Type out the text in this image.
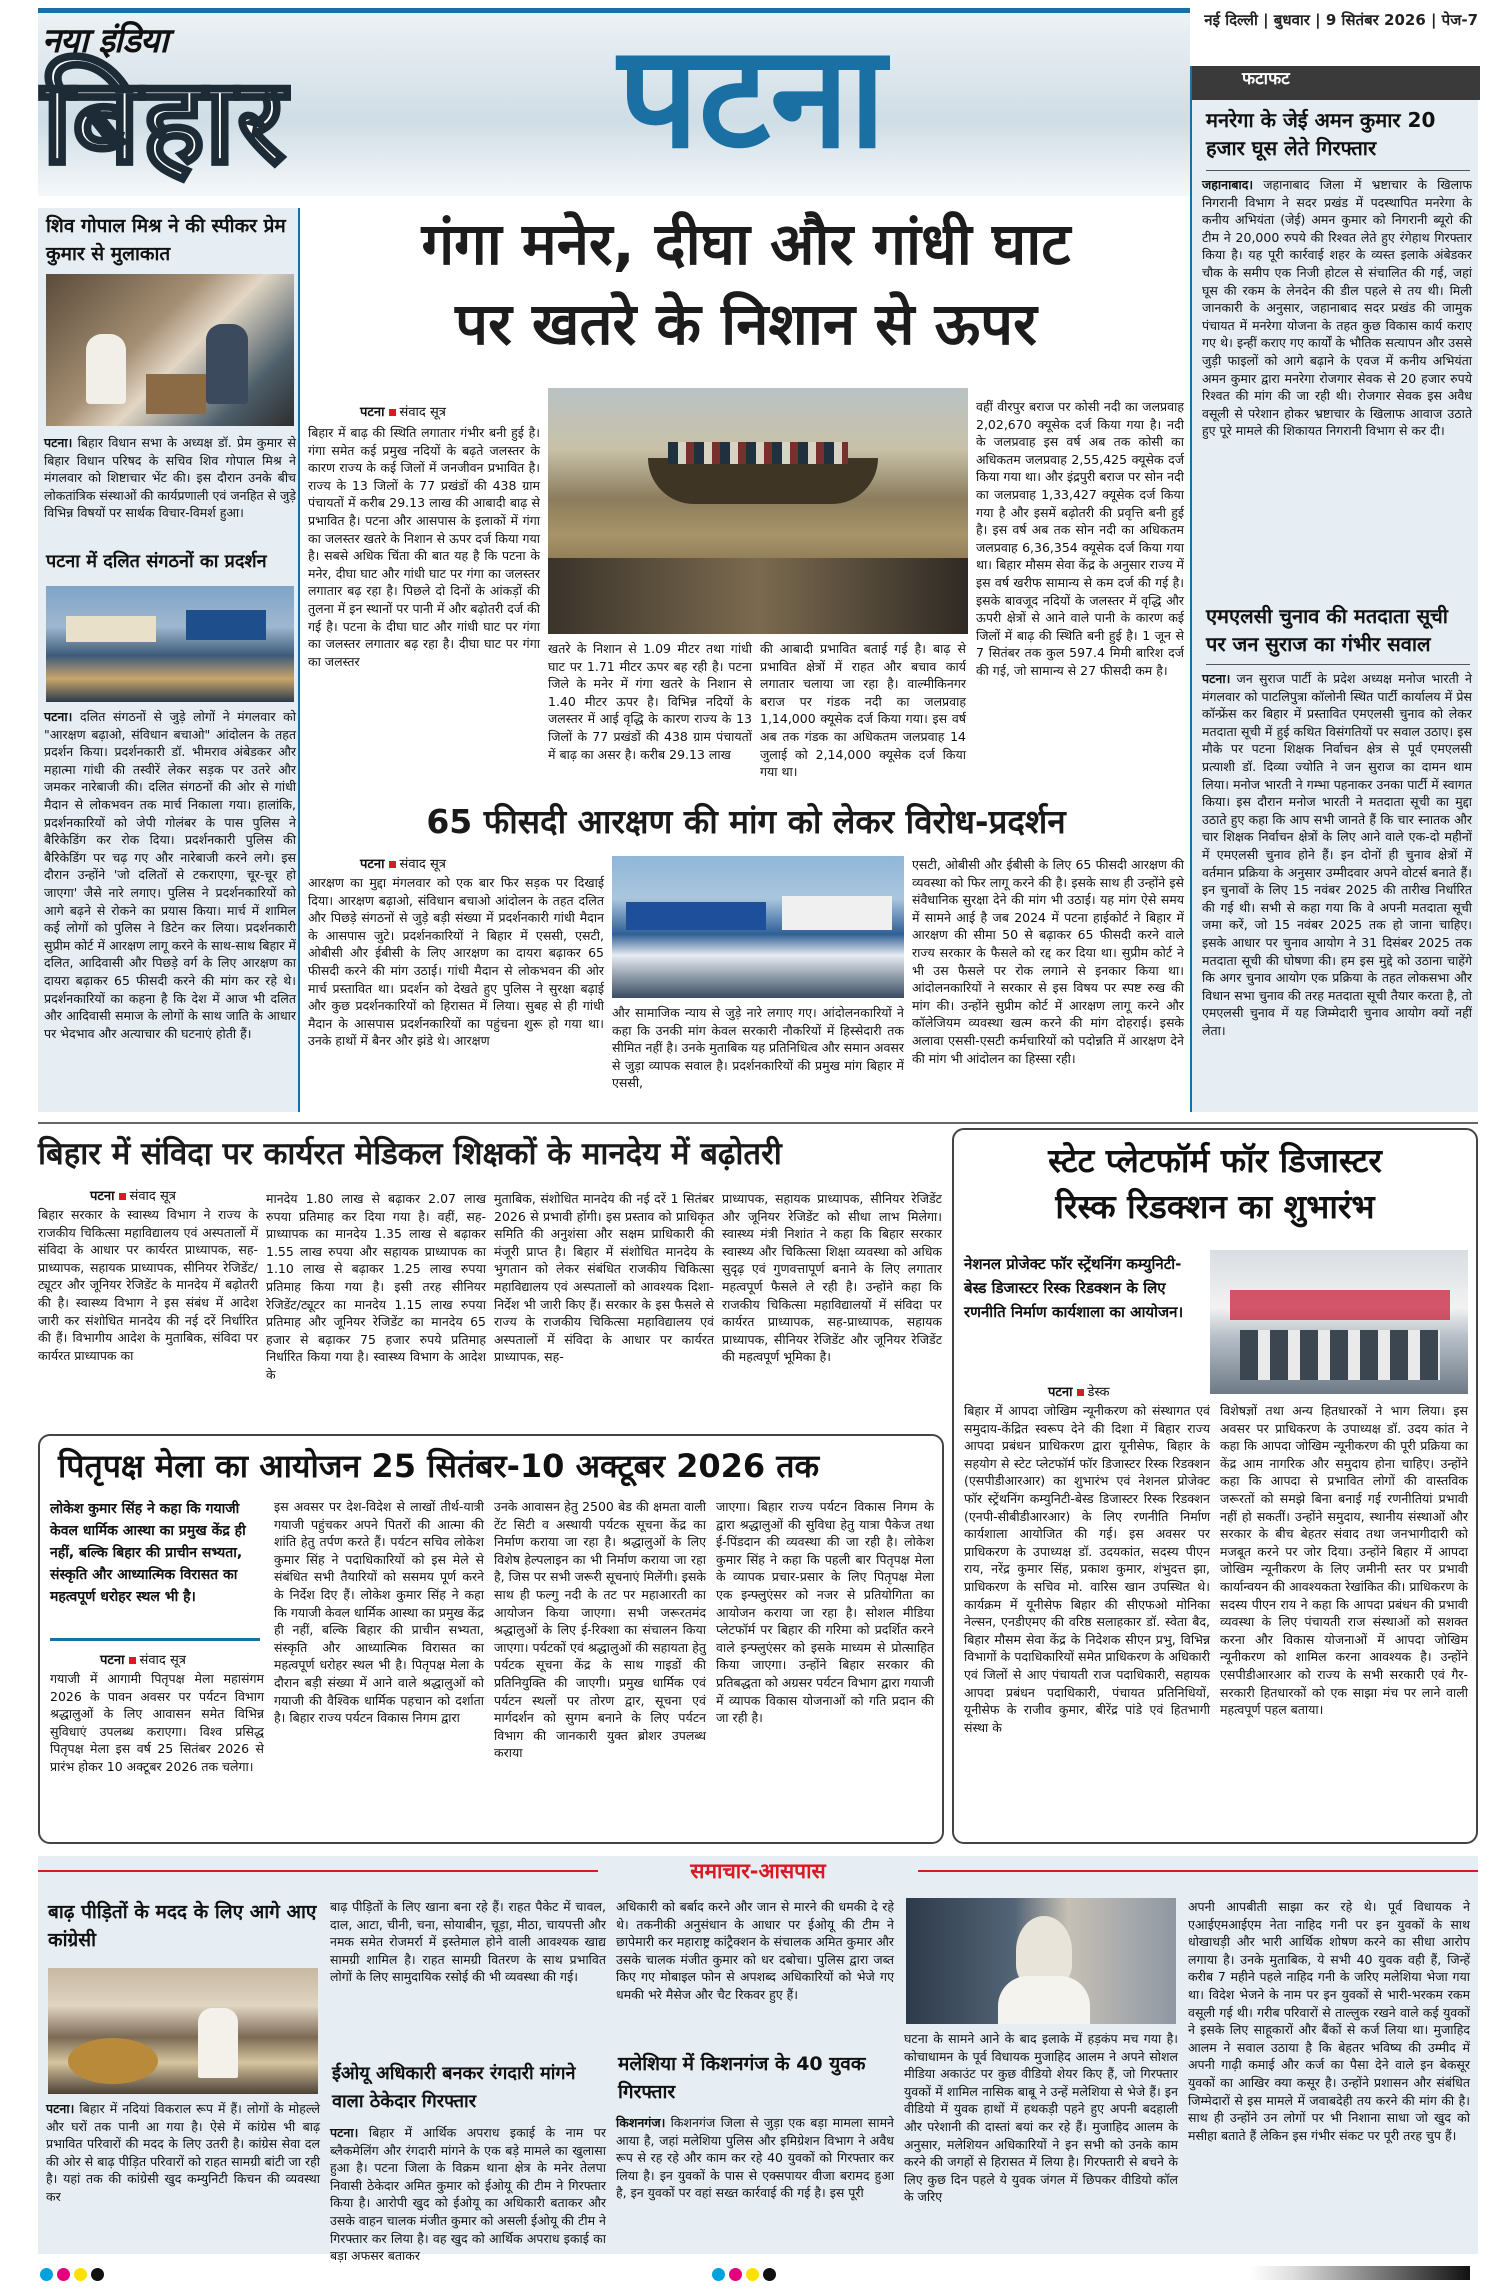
नया इंडिया
बिहार पटना	नई दिल्ली | बुधवार | 9 सितंबर 2026 | पेज-7
फटाफट
मनरेगा के जेई अमन कुमार 20 हजार घूस लेते गिरफ्तार
जहानाबाद। जहानाबाद जिला में भ्रष्टाचार के खिलाफ निगरानी विभाग ने सदर प्रखंड में पदस्थापित मनरेगा के कनीय अभियंता (जेई) अमन कुमार को निगरानी ब्यूरो की टीम ने 20,000 रुपये की रिश्वत लेते हुए रंगेहाथ गिरफ्तार किया है। यह पूरी कार्रवाई शहर के व्यस्त इलाके अंबेडकर चौक के समीप एक निजी होटल से संचालित की गई, जहां घूस की रकम के लेनदेन की डील पहले से तय थी। मिली जानकारी के अनुसार, जहानाबाद सदर प्रखंड की जामुक पंचायत में मनरेगा योजना के तहत कुछ विकास कार्य कराए गए थे। इन्हीं कराए गए कार्यों के भौतिक सत्यापन और उससे जुड़ी फाइलों को आगे बढ़ाने के एवज में कनीय अभियंता अमन कुमार द्वारा मनरेगा रोजगार सेवक से 20 हजार रुपये रिश्वत की मांग की जा रही थी। रोजगार सेवक इस अवैध वसूली से परेशान होकर भ्रष्टाचार के खिलाफ आवाज उठाते हुए पूरे मामले की शिकायत निगरानी विभाग से कर दी।
एमएलसी चुनाव की मतदाता सूची पर जन सुराज का गंभीर सवाल
पटना। जन सुराज पार्टी के प्रदेश अध्यक्ष मनोज भारती ने मंगलवार को पाटलिपुत्रा कॉलोनी स्थित पार्टी कार्यालय में प्रेस कॉन्फ्रेंस कर बिहार में प्रस्तावित एमएलसी चुनाव को लेकर मतदाता सूची में हुई कथित विसंगतियों पर सवाल उठाए। इस मौके पर पटना शिक्षक निर्वाचन क्षेत्र से पूर्व एमएलसी प्रत्याशी डॉ. दिव्या ज्योति ने जन सुराज का दामन थाम लिया। मनोज भारती ने गम्भा पहनाकर उनका पार्टी में स्वागत किया। इस दौरान मनोज भारती ने मतदाता सूची का मुद्दा उठाते हुए कहा कि आप सभी जानते हैं कि चार स्नातक और चार शिक्षक निर्वाचन क्षेत्रों के लिए आने वाले एक-दो महीनों में एमएलसी चुनाव होने हैं। इन दोनों ही चुनाव क्षेत्रों में वर्तमान प्रक्रिया के अनुसार उम्मीदवार अपने वोटर्स बनाते हैं। इन चुनावों के लिए 15 नवंबर 2025 की तारीख निर्धारित की गई थी। सभी से कहा गया कि वे अपनी मतदाता सूची जमा करें, जो 15 नवंबर 2025 तक हो जाना चाहिए। इसके आधार पर चुनाव आयोग ने 31 दिसंबर 2025 तक मतदाता सूची की घोषणा की। हम इस मुद्दे को उठाना चाहेंगे कि अगर चुनाव आयोग एक प्रक्रिया के तहत लोकसभा और विधान सभा चुनाव की तरह मतदाता सूची तैयार करता है, तो एमएलसी चुनाव में यह जिम्मेदारी चुनाव आयोग क्यों नहीं लेता।
शिव गोपाल मिश्र ने की स्पीकर प्रेम कुमार से मुलाकात
पटना। बिहार विधान सभा के अध्यक्ष डॉ. प्रेम कुमार से बिहार विधान परिषद के सचिव शिव गोपाल मिश्र ने मंगलवार को शिष्टाचार भेंट की। इस दौरान उनके बीच लोकतांत्रिक संस्थाओं की कार्यप्रणाली एवं जनहित से जुड़े विभिन्न विषयों पर सार्थक विचार-विमर्श हुआ।
पटना में दलित संगठनों का प्रदर्शन
पटना। दलित संगठनों से जुड़े लोगों ने मंगलवार को "आरक्षण बढ़ाओ, संविधान बचाओ" आंदोलन के तहत प्रदर्शन किया। प्रदर्शनकारी डॉ. भीमराव अंबेडकर और महात्मा गांधी की तस्वीरें लेकर सड़क पर उतरे और जमकर नारेबाजी की। दलित संगठनों की ओर से गांधी मैदान से लोकभवन तक मार्च निकाला गया। हालांकि, प्रदर्शनकारियों को जेपी गोलंबर के पास पुलिस ने बैरिकेडिंग कर रोक दिया। प्रदर्शनकारी पुलिस की बैरिकेडिंग पर चढ़ गए और नारेबाजी करने लगे। इस दौरान उन्होंने 'जो दलितों से टकराएगा, चूर-चूर हो जाएगा' जैसे नारे लगाए। पुलिस ने प्रदर्शनकारियों को आगे बढ़ने से रोकने का प्रयास किया। मार्च में शामिल कई लोगों को पुलिस ने डिटेन कर लिया। प्रदर्शनकारी सुप्रीम कोर्ट में आरक्षण लागू करने के साथ-साथ बिहार में दलित, आदिवासी और पिछड़े वर्ग के लिए आरक्षण का दायरा बढ़ाकर 65 फीसदी करने की मांग कर रहे थे। प्रदर्शनकारियों का कहना है कि देश में आज भी दलित और आदिवासी समाज के लोगों के साथ जाति के आधार पर भेदभाव और अत्याचार की घटनाएं होती हैं।
गंगा मनेर, दीघा और गांधी घाट
पर खतरे के निशान से ऊपर
पटना संवाद सूत्र
बिहार में बाढ़ की स्थिति लगातार गंभीर बनी हुई है। गंगा समेत कई प्रमुख नदियों के बढ़ते जलस्तर के कारण राज्य के कई जिलों में जनजीवन प्रभावित है। राज्य के 13 जिलों के 77 प्रखंडों की 438 ग्राम पंचायतों में करीब 29.13 लाख की आबादी बाढ़ से प्रभावित है। पटना और आसपास के इलाकों में गंगा का जलस्तर खतरे के निशान से ऊपर दर्ज किया गया है। सबसे अधिक चिंता की बात यह है कि पटना के मनेर, दीघा घाट और गांधी घाट पर गंगा का जलस्तर लगातार बढ़ रहा है। पिछले दो दिनों के आंकड़ों की तुलना में इन स्थानों पर पानी में और बढ़ोतरी दर्ज की गई है। पटना के दीघा घाट और गांधी घाट पर गंगा का जलस्तर लगातार बढ़ रहा है। दीघा घाट पर गंगा का जलस्तर
खतरे के निशान से 1.09 मीटर तथा गांधी घाट पर 1.71 मीटर ऊपर बह रही है। पटना जिले के मनेर में गंगा खतरे के निशान से 1.40 मीटर ऊपर है। विभिन्न नदियों के जलस्तर में आई वृद्धि के कारण राज्य के 13 जिलों के 77 प्रखंडों की 438 ग्राम पंचायतों में बाढ़ का असर है। करीब 29.13 लाख
की आबादी प्रभावित बताई गई है। बाढ़ से प्रभावित क्षेत्रों में राहत और बचाव कार्य लगातार चलाया जा रहा है। वाल्मीकिनगर बराज पर गंडक नदी का जलप्रवाह 1,14,000 क्यूसेक दर्ज किया गया। इस वर्ष अब तक गंडक का अधिकतम जलप्रवाह 14 जुलाई को 2,14,000 क्यूसेक दर्ज किया गया था।
वहीं वीरपुर बराज पर कोसी नदी का जलप्रवाह 2,02,670 क्यूसेक दर्ज किया गया है। नदी के जलप्रवाह इस वर्ष अब तक कोसी का अधिकतम जलप्रवाह 2,55,425 क्यूसेक दर्ज किया गया था। और इंद्रपुरी बराज पर सोन नदी का जलप्रवाह 1,33,427 क्यूसेक दर्ज किया गया है और इसमें बढ़ोतरी की प्रवृत्ति बनी हुई है। इस वर्ष अब तक सोन नदी का अधिकतम जलप्रवाह 6,36,354 क्यूसेक दर्ज किया गया था। बिहार मौसम सेवा केंद्र के अनुसार राज्य में इस वर्ष खरीफ सामान्य से कम दर्ज की गई है। इसके बावजूद नदियों के जलस्तर में वृद्धि और ऊपरी क्षेत्रों से आने वाले पानी के कारण कई जिलों में बाढ़ की स्थिति बनी हुई है। 1 जून से 7 सितंबर तक कुल 597.4 मिमी बारिश दर्ज की गई, जो सामान्य से 27 फीसदी कम है।
65 फीसदी आरक्षण की मांग को लेकर विरोध-प्रदर्शन
पटना संवाद सूत्र
आरक्षण का मुद्दा मंगलवार को एक बार फिर सड़क पर दिखाई दिया। आरक्षण बढ़ाओ, संविधान बचाओ आंदोलन के तहत दलित और पिछड़े संगठनों से जुड़े बड़ी संख्या में प्रदर्शनकारी गांधी मैदान के आसपास जुटे। प्रदर्शनकारियों ने बिहार में एससी, एसटी, ओबीसी और ईबीसी के लिए आरक्षण का दायरा बढ़ाकर 65 फीसदी करने की मांग उठाई। गांधी मैदान से लोकभवन की ओर मार्च प्रस्तावित था। प्रदर्शन को देखते हुए पुलिस ने सुरक्षा बढ़ाई और कुछ प्रदर्शनकारियों को हिरासत में लिया। सुबह से ही गांधी मैदान के आसपास प्रदर्शनकारियों का पहुंचना शुरू हो गया था। उनके हाथों में बैनर और झंडे थे। आरक्षण
और सामाजिक न्याय से जुड़े नारे लगाए गए। आंदोलनकारियों ने कहा कि उनकी मांग केवल सरकारी नौकरियों में हिस्सेदारी तक सीमित नहीं है। उनके मुताबिक यह प्रतिनिधित्व और समान अवसर से जुड़ा व्यापक सवाल है। प्रदर्शनकारियों की प्रमुख मांग बिहार में एससी,
एसटी, ओबीसी और ईबीसी के लिए 65 फीसदी आरक्षण की व्यवस्था को फिर लागू करने की है। इसके साथ ही उन्होंने इसे संवैधानिक सुरक्षा देने की मांग भी उठाई। यह मांग ऐसे समय में सामने आई है जब 2024 में पटना हाईकोर्ट ने बिहार में आरक्षण की सीमा 50 से बढ़ाकर 65 फीसदी करने वाले राज्य सरकार के फैसले को रद्द कर दिया था। सुप्रीम कोर्ट ने भी उस फैसले पर रोक लगाने से इनकार किया था। आंदोलनकारियों ने सरकार से इस विषय पर स्पष्ट रुख की मांग की। उन्होंने सुप्रीम कोर्ट में आरक्षण लागू करने और कॉलेजियम व्यवस्था खत्म करने की मांग दोहराई। इसके अलावा एससी-एसटी कर्मचारियों को पदोन्नति में आरक्षण देने की मांग भी आंदोलन का हिस्सा रही।
बिहार में संविदा पर कार्यरत मेडिकल शिक्षकों के मानदेय में बढ़ोतरी
पटना संवाद सूत्र
बिहार सरकार के स्वास्थ्य विभाग ने राज्य के राजकीय चिकित्सा महाविद्यालय एवं अस्पतालों में संविदा के आधार पर कार्यरत प्राध्यापक, सह-प्राध्यापक, सहायक प्राध्यापक, सीनियर रेजिडेंट/ट्यूटर और जूनियर रेजिडेंट के मानदेय में बढ़ोतरी की है। स्वास्थ्य विभाग ने इस संबंध में आदेश जारी कर संशोधित मानदेय की नई दरें निर्धारित की हैं। विभागीय आदेश के मुताबिक, संविदा पर कार्यरत प्राध्यापक का
मानदेय 1.80 लाख से बढ़ाकर 2.07 लाख रुपया प्रतिमाह कर दिया गया है। वहीं, सह-प्राध्यापक का मानदेय 1.35 लाख से बढ़ाकर 1.55 लाख रुपया और सहायक प्राध्यापक का 1.10 लाख से बढ़ाकर 1.25 लाख रुपया प्रतिमाह किया गया है। इसी तरह सीनियर रेजिडेंट/ट्यूटर का मानदेय 1.15 लाख रुपया प्रतिमाह और जूनियर रेजिडेंट का मानदेय 65 हजार से बढ़ाकर 75 हजार रुपये प्रतिमाह निर्धारित किया गया है। स्वास्थ्य विभाग के आदेश के
मुताबिक, संशोधित मानदेय की नई दरें 1 सितंबर 2026 से प्रभावी होंगी। इस प्रस्ताव को प्राधिकृत समिति की अनुशंसा और सक्षम प्राधिकारी की मंजूरी प्राप्त है। बिहार में संशोधित मानदेय के भुगतान को लेकर संबंधित राजकीय चिकित्सा महाविद्यालय एवं अस्पतालों को आवश्यक दिशा-निर्देश भी जारी किए हैं। सरकार के इस फैसले से राज्य के राजकीय चिकित्सा महाविद्यालय एवं अस्पतालों में संविदा के आधार पर कार्यरत प्राध्यापक, सह-
प्राध्यापक, सहायक प्राध्यापक, सीनियर रेजिडेंट और जूनियर रेजिडेंट को सीधा लाभ मिलेगा। स्वास्थ्य मंत्री निशांत ने कहा कि बिहार सरकार स्वास्थ्य और चिकित्सा शिक्षा व्यवस्था को अधिक सुदृढ़ एवं गुणवत्तापूर्ण बनाने के लिए लगातार महत्वपूर्ण फैसले ले रही है। उन्होंने कहा कि राजकीय चिकित्सा महाविद्यालयों में संविदा पर कार्यरत प्राध्यापक, सह-प्राध्यापक, सहायक प्राध्यापक, सीनियर रेजिडेंट और जूनियर रेजिडेंट की महत्वपूर्ण भूमिका है।
स्टेट प्लेटफॉर्म फॉर डिजास्टर
रिस्क रिडक्शन का शुभारंभ
नेशनल प्रोजेक्ट फॉर स्ट्रेंथनिंग कम्युनिटी-बेस्ड डिजास्टर रिस्क रिडक्शन के लिए रणनीति निर्माण कार्यशाला का आयोजन।
पटना डेस्क
बिहार में आपदा जोखिम न्यूनीकरण को संस्थागत एवं समुदाय-केंद्रित स्वरूप देने की दिशा में बिहार राज्य आपदा प्रबंधन प्राधिकरण द्वारा यूनीसेफ, बिहार के सहयोग से स्टेट प्लेटफॉर्म फॉर डिजास्टर रिस्क रिडक्शन (एसपीडीआरआर) का शुभारंभ एवं नेशनल प्रोजेक्ट फॉर स्ट्रेंथनिंग कम्युनिटी-बेस्ड डिजास्टर रिस्क रिडक्शन (एनपी-सीबीडीआरआर) के लिए रणनीति निर्माण कार्यशाला आयोजित की गई। इस अवसर पर प्राधिकरण के उपाध्यक्ष डॉ. उदयकांत, सदस्य पीएन राय, नरेंद्र कुमार सिंह, प्रकाश कुमार, शंभुदत्त झा, प्राधिकरण के सचिव मो. वारिस खान उपस्थित थे। कार्यक्रम में यूनीसेफ बिहार की सीएफओ मोनिका नेल्सन, एनडीएमए की वरिष्ठ सलाहकार डॉ. स्वेता बैद, बिहार मौसम सेवा केंद्र के निदेशक सीएन प्रभु, विभिन्न विभागों के पदाधिकारियों समेत प्राधिकरण के अधिकारी एवं जिलों से आए पंचायती राज पदाधिकारी, सहायक आपदा प्रबंधन पदाधिकारी, पंचायत प्रतिनिधियों, यूनीसेफ के राजीव कुमार, बीरेंद्र पांडे एवं हितभागी संस्था के
विशेषज्ञों तथा अन्य हितधारकों ने भाग लिया। इस अवसर पर प्राधिकरण के उपाध्यक्ष डॉ. उदय कांत ने कहा कि आपदा जोखिम न्यूनीकरण की पूरी प्रक्रिया का केंद्र आम नागरिक और समुदाय होना चाहिए। उन्होंने कहा कि आपदा से प्रभावित लोगों की वास्तविक जरूरतों को समझे बिना बनाई गई रणनीतियां प्रभावी नहीं हो सकतीं। उन्होंने समुदाय, स्थानीय संस्थाओं और सरकार के बीच बेहतर संवाद तथा जनभागीदारी को मजबूत करने पर जोर दिया। उन्होंने बिहार में आपदा जोखिम न्यूनीकरण के लिए जमीनी स्तर पर प्रभावी कार्यान्वयन की आवश्यकता रेखांकित की। प्राधिकरण के सदस्य पीएन राय ने कहा कि आपदा प्रबंधन की प्रभावी व्यवस्था के लिए पंचायती राज संस्थाओं को सशक्त करना और विकास योजनाओं में आपदा जोखिम न्यूनीकरण को शामिल करना आवश्यक है। उन्होंने एसपीडीआरआर को राज्य के सभी सरकारी एवं गैर-सरकारी हितधारकों को एक साझा मंच पर लाने वाली महत्वपूर्ण पहल बताया।
पितृपक्ष मेला का आयोजन 25 सितंबर-10 अक्टूबर 2026 तक
लोकेश कुमार सिंह ने कहा कि गयाजी केवल धार्मिक आस्था का प्रमुख केंद्र ही नहीं, बल्कि बिहार की प्राचीन सभ्यता, संस्कृति और आध्यात्मिक विरासत का महत्वपूर्ण धरोहर स्थल भी है।
पटना संवाद सूत्र
गयाजी में आगामी पितृपक्ष मेला महासंगम 2026 के पावन अवसर पर पर्यटन विभाग श्रद्धालुओं के लिए आवासन समेत विभिन्न सुविधाएं उपलब्ध कराएगा। विश्व प्रसिद्ध पितृपक्ष मेला इस वर्ष 25 सितंबर 2026 से प्रारंभ होकर 10 अक्टूबर 2026 तक चलेगा।
इस अवसर पर देश-विदेश से लाखों तीर्थ-यात्री गयाजी पहुंचकर अपने पितरों की आत्मा की शांति हेतु तर्पण करते हैं। पर्यटन सचिव लोकेश कुमार सिंह ने पदाधिकारियों को इस मेले से संबंधित सभी तैयारियों को ससमय पूर्ण करने के निर्देश दिए हैं। लोकेश कुमार सिंह ने कहा कि गयाजी केवल धार्मिक आस्था का प्रमुख केंद्र ही नहीं, बल्कि बिहार की प्राचीन सभ्यता, संस्कृति और आध्यात्मिक विरासत का महत्वपूर्ण धरोहर स्थल भी है। पितृपक्ष मेला के दौरान बड़ी संख्या में आने वाले श्रद्धालुओं को गयाजी की वैश्विक धार्मिक पहचान को दर्शाता है। बिहार राज्य पर्यटन विकास निगम द्वारा
उनके आवासन हेतु 2500 बेड की क्षमता वाली टेंट सिटी व अस्थायी पर्यटक सूचना केंद्र का निर्माण कराया जा रहा है। श्रद्धालुओं के लिए विशेष हेल्पलाइन का भी निर्माण कराया जा रहा है, जिस पर सभी जरूरी सूचनाएं मिलेंगी। इसके साथ ही फल्गु नदी के तट पर महाआरती का आयोजन किया जाएगा। सभी जरूरतमंद श्रद्धालुओं के लिए ई-रिक्शा का संचालन किया जाएगा। पर्यटकों एवं श्रद्धालुओं की सहायता हेतु पर्यटक सूचना केंद्र के साथ गाइडों की प्रतिनियुक्ति की जाएगी। प्रमुख धार्मिक एवं पर्यटन स्थलों पर तोरण द्वार, सूचना एवं मार्गदर्शन को सुगम बनाने के लिए पर्यटन विभाग की जानकारी युक्त ब्रोशर उपलब्ध कराया
जाएगा। बिहार राज्य पर्यटन विकास निगम के द्वारा श्रद्धालुओं की सुविधा हेतु यात्रा पैकेज तथा ई-पिंडदान की व्यवस्था की जा रही है। लोकेश कुमार सिंह ने कहा कि पहली बार पितृपक्ष मेला के व्यापक प्रचार-प्रसार के लिए पितृपक्ष मेला एक इन्फ्लुएंसर को नजर से प्रतियोगिता का आयोजन कराया जा रहा है। सोशल मीडिया प्लेटफॉर्म पर बिहार की गरिमा को प्रदर्शित करने वाले इन्फ्लुएंसर को इसके माध्यम से प्रोत्साहित किया जाएगा। उन्होंने बिहार सरकार की प्रतिबद्धता को अग्रसर पर्यटन विभाग द्वारा गयाजी में व्यापक विकास योजनाओं को गति प्रदान की जा रही है।
समाचार-आसपास
बाढ़ पीड़ितों के मदद के लिए आगे आए कांग्रेसी
पटना। बिहार में नदियां विकराल रूप में हैं। लोगों के मोहल्ले और घरों तक पानी आ गया है। ऐसे में कांग्रेस भी बाढ़ प्रभावित परिवारों की मदद के लिए उतरी है। कांग्रेस सेवा दल की ओर से बाढ़ पीड़ित परिवारों को राहत सामग्री बांटी जा रही है। यहां तक की कांग्रेसी खुद कम्युनिटी किचन की व्यवस्था कर
बाढ़ पीड़ितों के लिए खाना बना रहे हैं। राहत पैकेट में चावल, दाल, आटा, चीनी, चना, सोयाबीन, चूड़ा, मीठा, चायपत्ती और नमक समेत रोजमर्रा में इस्तेमाल होने वाली आवश्यक खाद्य सामग्री शामिल है। राहत सामग्री वितरण के साथ प्रभावित लोगों के लिए सामुदायिक रसोई की भी व्यवस्था की गई।
ईओयू अधिकारी बनकर रंगदारी मांगने वाला ठेकेदार गिरफ्तार
पटना। बिहार में आर्थिक अपराध इकाई के नाम पर ब्लैकमेलिंग और रंगदारी मांगने के एक बड़े मामले का खुलासा हुआ है। पटना जिला के विक्रम थाना क्षेत्र के मनेर तेलपा निवासी ठेकेदार अमित कुमार को ईओयू की टीम ने गिरफ्तार किया है। आरोपी खुद को ईओयू का अधिकारी बताकर और उसके वाहन चालक मंजीत कुमार को असली ईओयू की टीम ने गिरफ्तार कर लिया है। वह खुद को आर्थिक अपराध इकाई का बड़ा अफसर बताकर
अधिकारी को बर्बाद करने और जान से मारने की धमकी दे रहे थे। तकनीकी अनुसंधान के आधार पर ईओयू की टीम ने छापेमारी कर महाराष्ट्र कांट्रैक्शन के संचालक अमित कुमार और उसके चालक मंजीत कुमार को धर दबोचा। पुलिस द्वारा जब्त किए गए मोबाइल फोन से अपशब्द अधिकारियों को भेजे गए धमकी भरे मैसेज और चैट रिकवर हुए हैं।
मलेशिया में किशनगंज के 40 युवक गिरफ्तार
किशनगंज। किशनगंज जिला से जुड़ा एक बड़ा मामला सामने आया है, जहां मलेशिया पुलिस और इमिग्रेशन विभाग ने अवैध रूप से रह रहे और काम कर रहे 40 युवकों को गिरफ्तार कर लिया है। इन युवकों के पास से एक्सपायर वीजा बरामद हुआ है, इन युवकों पर वहां सख्त कार्रवाई की गई है। इस पूरी
घटना के सामने आने के बाद इलाके में हड़कंप मच गया है। कोचाधामन के पूर्व विधायक मुजाहिद आलम ने अपने सोशल मीडिया अकाउंट पर कुछ वीडियो शेयर किए हैं, जो गिरफ्तार युवकों में शामिल नासिक बाबू ने उन्हें मलेशिया से भेजे हैं। इन वीडियो में युवक हाथों में हथकड़ी पहने हुए अपनी बदहाली और परेशानी की दास्तां बयां कर रहे हैं। मुजाहिद आलम के अनुसार, मलेशियन अधिकारियों ने इन सभी को उनके काम करने की जगहों से हिरासत में लिया है। गिरफ्तारी से बचने के लिए कुछ दिन पहले ये युवक जंगल में छिपकर वीडियो कॉल के जरिए
अपनी आपबीती साझा कर रहे थे। पूर्व विधायक ने एआईएमआईएम नेता नाहिद गनी पर इन युवकों के साथ धोखाधड़ी और भारी आर्थिक शोषण करने का सीधा आरोप लगाया है। उनके मुताबिक, ये सभी 40 युवक वही हैं, जिन्हें करीब 7 महीने पहले नाहिद गनी के जरिए मलेशिया भेजा गया था। विदेश भेजने के नाम पर इन युवकों से भारी-भरकम रकम वसूली गई थी। गरीब परिवारों से ताल्लुक रखने वाले कई युवकों ने इसके लिए साहूकारों और बैंकों से कर्ज लिया था। मुजाहिद आलम ने सवाल उठाया है कि बेहतर भविष्य की उम्मीद में अपनी गाढ़ी कमाई और कर्ज का पैसा देने वाले इन बेकसूर युवकों का आखिर क्या कसूर है। उन्होंने प्रशासन और संबंधित जिम्मेदारों से इस मामले में जवाबदेही तय करने की मांग की है। साथ ही उन्होंने उन लोगों पर भी निशाना साधा जो खुद को मसीहा बताते हैं लेकिन इस गंभीर संकट पर पूरी तरह चुप हैं।
